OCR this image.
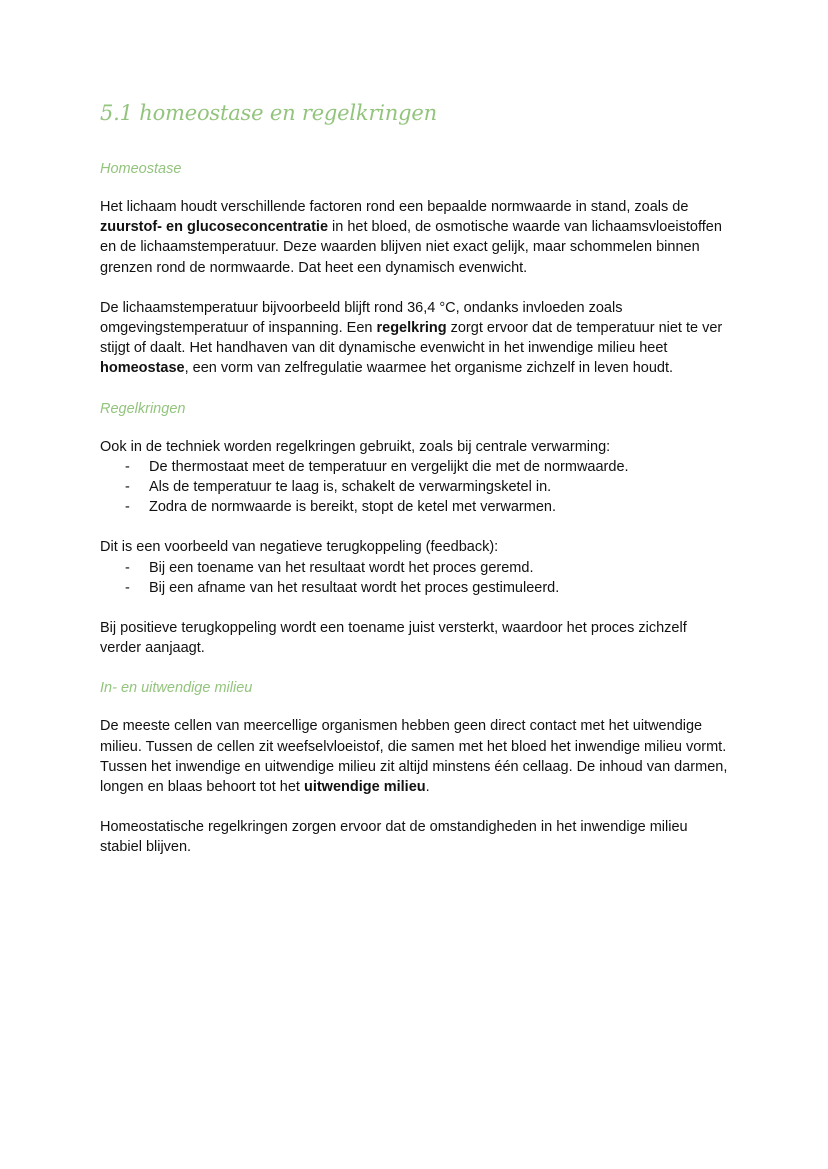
5.1 homeostase en regelkringen
Homeostase

Het lichaam houdt verschillende factoren rond een bepaalde normwaarde in stand, zoals de zuurstof- en glucoseconcentratie in het bloed, de osmotische waarde van lichaamsvloeistoffen en de lichaamstemperatuur. Deze waarden blijven niet exact gelijk, maar schommelen binnen grenzen rond de normwaarde. Dat heet een dynamisch evenwicht.

De lichaamstemperatuur bijvoorbeeld blijft rond 36,4 °C, ondanks invloeden zoals omgevingstemperatuur of inspanning. Een regelkring zorgt ervoor dat de temperatuur niet te ver stijgt of daalt. Het handhaven van dit dynamische evenwicht in het inwendige milieu heet homeostase, een vorm van zelfregulatie waarmee het organisme zichzelf in leven houdt.

Regelkringen

Ook in de techniek worden regelkringen gebruikt, zoals bij centrale verwarming:

- De thermostaat meet de temperatuur en vergelijkt die met de normwaarde.
- Als de temperatuur te laag is, schakelt de verwarmingsketel in.
- Zodra de normwaarde is bereikt, stopt de ketel met verwarmen.

Dit is een voorbeeld van negatieve terugkoppeling (feedback):

- Bij een toename van het resultaat wordt het proces geremd.
- Bij een afname van het resultaat wordt het proces gestimuleerd.

Bij positieve terugkoppeling wordt een toename juist versterkt, waardoor het proces zichzelf verder aanjaagt.

In- en uitwendige milieu

De meeste cellen van meercellige organismen hebben geen direct contact met het uitwendige milieu. Tussen de cellen zit weefselvloeistof, die samen met het bloed het inwendige milieu vormt. Tussen het inwendige en uitwendige milieu zit altijd minstens één cellaag. De inhoud van darmen, longen en blaas behoort tot het uitwendige milieu.

Homeostatische regelkringen zorgen ervoor dat de omstandigheden in het inwendige milieu stabiel blijven.
